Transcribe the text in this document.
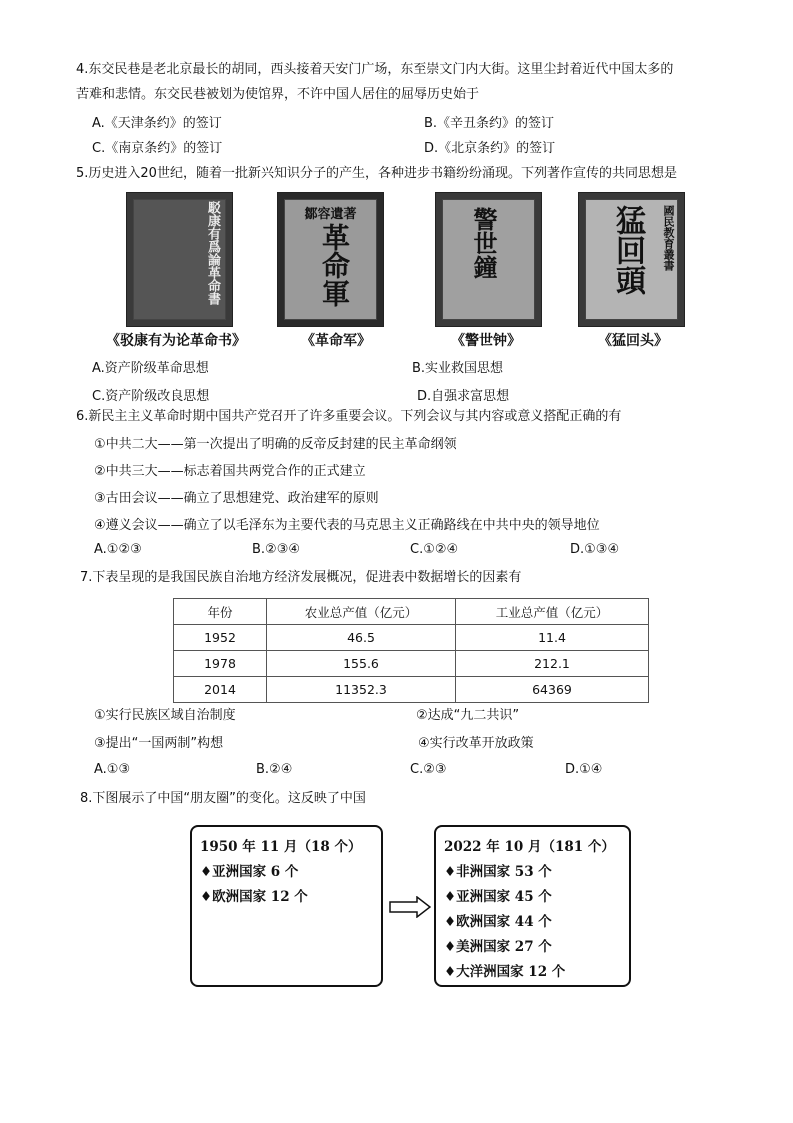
4.东交民巷是老北京最长的胡同，西头接着天安门广场，东至崇文门内大街。这里尘封着近代中国太多的
苦难和悲情。东交民巷被划为使馆界，不许中国人居住的屈辱历史始于
A.《天津条约》的签订	B.《辛丑条约》的签订
C.《南京条约》的签订	D.《北京条约》的签订
5.历史进入20世纪，随着一批新兴知识分子的产生，各种进步书籍纷纷涌现。下列著作宣传的共同思想是
駁康有爲論革命書	鄒容遺著
革命軍	警世鐘	猛回頭	國民教育叢書
《驳康有为论革命书》	《革命军》	《警世钟》	《猛回头》
A.资产阶级革命思想	B.实业救国思想
C.资产阶级改良思想	D.自强求富思想
6.新民主主义革命时期中国共产党召开了许多重要会议。下列会议与其内容或意义搭配正确的有
①中共二大——第一次提出了明确的反帝反封建的民主革命纲领
②中共三大——标志着国共两党合作的正式建立
③古田会议——确立了思想建党、政治建军的原则
④遵义会议——确立了以毛泽东为主要代表的马克思主义正确路线在中共中央的领导地位
A.①②③	B.②③④	C.①②④	D.①③④
7.下表呈现的是我国民族自治地方经济发展概况，促进表中数据增长的因素有
年份	农业总产值（亿元）	工业总产值（亿元）
1952	46.5	11.4
1978	155.6	212.1
2014	11352.3	64369
①实行民族区域自治制度	②达成“九二共识”
③提出“一国两制”构想	④实行改革开放政策
A.①③	B.②④	C.②③	D.①④
8.下图展示了中国“朋友圈”的变化。这反映了中国
1950 年 11 月（18 个）
♦亚洲国家 6 个
♦欧洲国家 12 个
2022 年 10 月（181 个）
♦非洲国家 53 个
♦亚洲国家 45 个
♦欧洲国家 44 个
♦美洲国家 27 个
♦大洋洲国家 12 个
